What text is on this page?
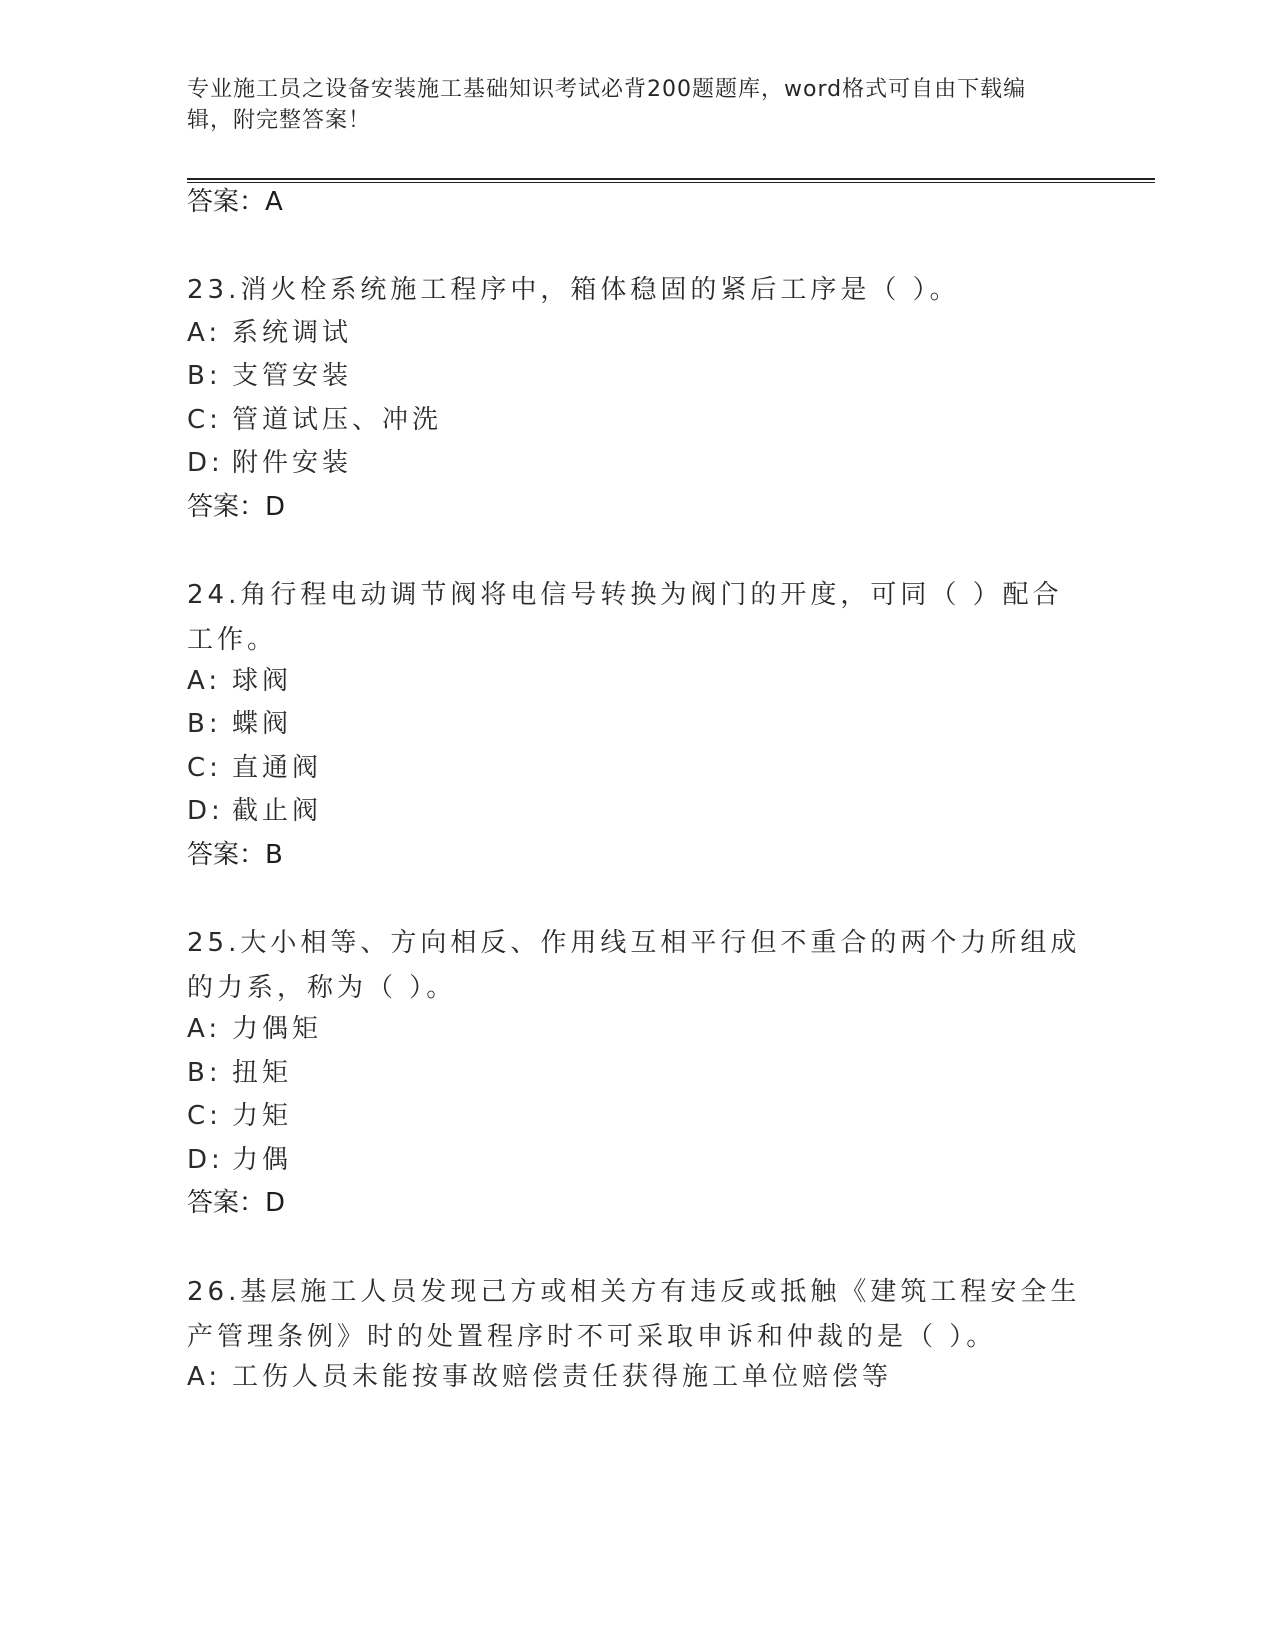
专业施工员之设备安装施工基础知识考试必背200题题库，word格式可自由下载编辑，附完整答案！
答案：A
23.消火栓系统施工程序中，箱体稳固的紧后工序是（ ）。
A: 系统调试
B: 支管安装
C: 管道试压、冲洗
D: 附件安装
答案：D
24.角行程电动调节阀将电信号转换为阀门的开度，可同（ ）配合工作。
A: 球阀
B: 蝶阀
C: 直通阀
D: 截止阀
答案：B
25.大小相等、方向相反、作用线互相平行但不重合的两个力所组成的力系，称为（ ）。
A: 力偶矩
B: 扭矩
C: 力矩
D: 力偶
答案：D
26.基层施工人员发现己方或相关方有违反或抵触《建筑工程安全生产管理条例》时的处置程序时不可采取申诉和仲裁的是（ ）。
A: 工伤人员未能按事故赔偿责任获得施工单位赔偿等
